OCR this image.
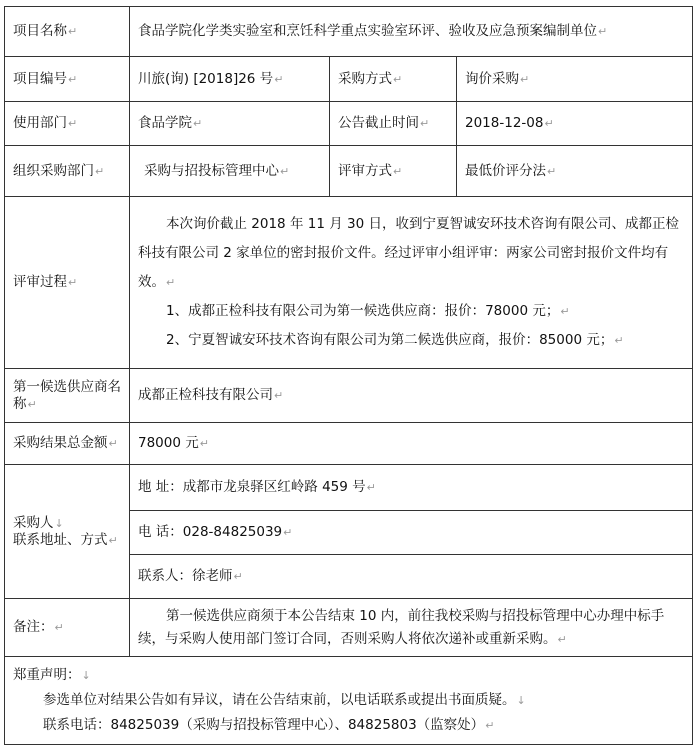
项目名称↵	食品学院化学类实验室和烹饪科学重点实验室环评、验收及应急预案编制单位↵		
项目编号↵	川旅(询) [2018]26 号↵	采购方式↵	询价采购↵
使用部门↵	食品学院↵	公告截止时间↵	2018-12-08↵
组织采购部门↵	采购与招投标管理中心↵	评审方式↵	最低价评分法↵
评审过程↵	本次询价截止 2018 年 11 月 30 日，收到宁夏智诚安环技术咨询有限公司、成都正检科技有限公司 2 家单位的密封报价文件。经过评审小组评审：两家公司密封报价文件均有效。↵

1、成都正检科技有限公司为第一候选供应商：报价：78000 元；↵

2、宁夏智诚安环技术咨询有限公司为第二候选供应商，报价：85000 元；↵		

第一候选供应商名称↵	成都正检科技有限公司↵		
采购结果总金额↵	78000 元↵		

采购人↓
联系地址、方式↵	地 址：成都市龙泉驿区红岭路 459 号↵		
	电 话：028-84825039↵		
	联系人：徐老师↵		
备注：↵	第一候选供应商须于本公告结束 10 内，前往我校采购与招投标管理中心办理中标手续，与采购人使用部门签订合同，否则采购人将依次递补或重新采购。↵		

郑重声明：↓

参选单位对结果公告如有异议，请在公告结束前，以电话联系或提出书面质疑。↓

联系电话：84825039（采购与招投标管理中心）、84825803（监察处）↵			
